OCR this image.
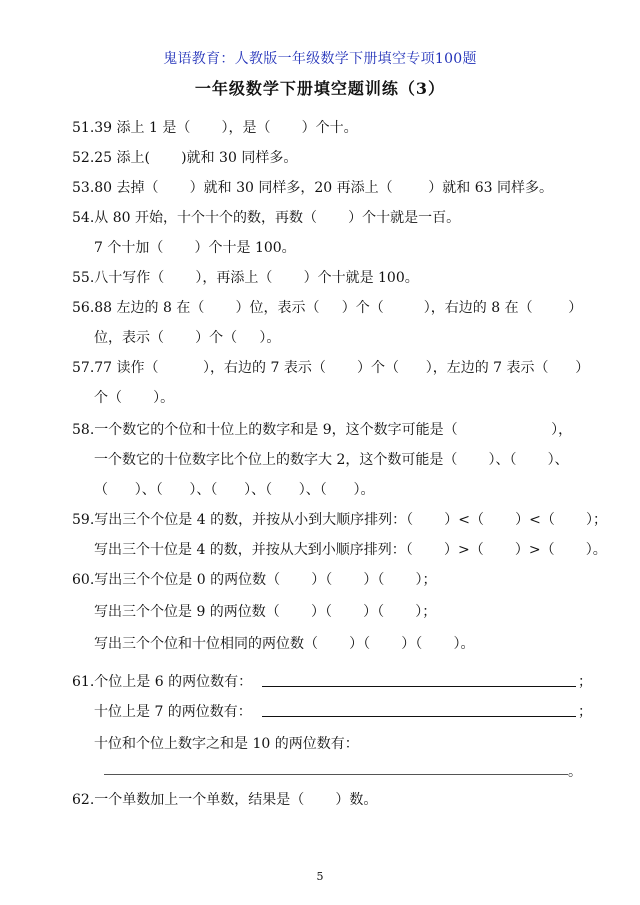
鬼语教育：人教版一年级数学下册填空专项100题
一年级数学下册填空题训练（3）
51.39 添上 1 是（       ），是（       ）个十。
52.25 添上(       )就和 30 同样多。
53.80 去掉（       ）就和 30 同样多，20 再添上（        ）就和 63 同样多。
54.从 80 开始，十个十个的数，再数（       ）个十就是一百。
7 个十加（       ）个十是 100。
55.八十写作（       ），再添上（       ）个十就是 100。
56.88 左边的 8 在（       ）位，表示（     ）个（         ），右边的 8 在（        ）
位，表示（       ）个（     ）。
57.77 读作（          ），右边的 7 表示（       ）个（      ），左边的 7 表示（      ）
个（       ）。
58.一个数它的个位和十位上的数字和是 9，这个数字可能是（                     ），
一个数它的十位数字比个位上的数字大 2，这个数可能是（       ）、（       ）、
（      ）、（      ）、（      ）、（      ）、（      ）。
59.写出三个个位是 4 的数，并按从小到大顺序排列：（       ）<（       ）<（       ）；
写出三个十位是 4 的数，并按从大到小顺序排列：（       ）>（       ）>（       ）。
60.写出三个个位是 0 的两位数（       ）（       ）（       ）；
写出三个个位是 9 的两位数（       ）（       ）（       ）；
写出三个个位和十位相同的两位数（       ）（       ）（       ）。
61.个位上是 6 的两位数有：	；
十位上是 7 的两位数有：	；
十位和个位上数字之和是 10 的两位数有：
。
62.一个单数加上一个单数，结果是（       ）数。
5
